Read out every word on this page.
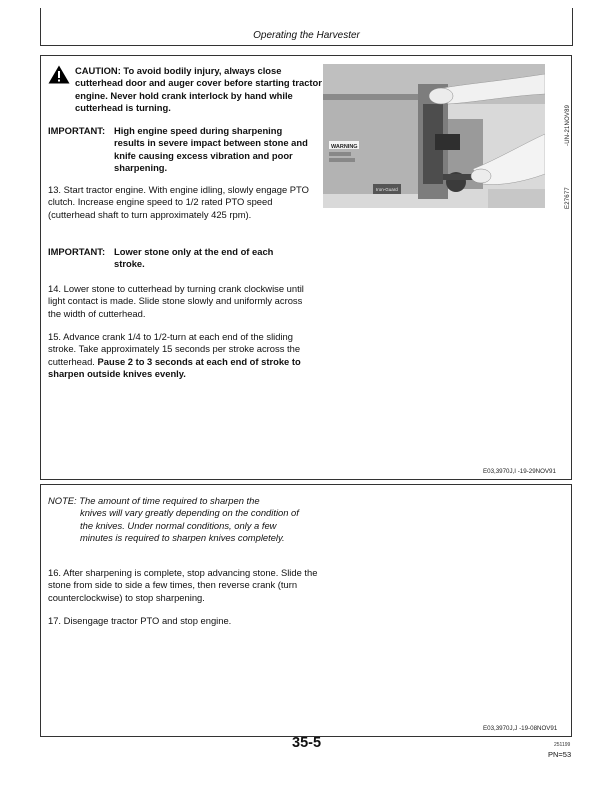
Operating the Harvester
CAUTION: To avoid bodily injury, always close cutterhead door and auger cover before starting tractor engine. Never hold crank interlock by hand while cutterhead is turning.
IMPORTANT: High engine speed during sharpening
results in severe impact between stone and knife causing excess vibration and poor sharpening.
13. Start tractor engine. With engine idling, slowly engage PTO clutch. Increase engine speed to 1/2 rated PTO speed (cutterhead shaft to turn approximately 425 rpm).
IMPORTANT: Lower stone only at the end of each
stroke.
14. Lower stone to cutterhead by turning crank clockwise until light contact is made. Slide stone slowly and uniformly across the width of cutterhead.
15. Advance crank 1/4 to 1/2-turn at each end of the sliding stroke. Take approximately 15 seconds per stroke across the cutterhead. Pause 2 to 3 seconds at each end of stroke to sharpen outside knives evenly.
WARNING
Iron-Guard
-UN-21NOV89
E27677
E03,3970J,I -19-29NOV91
NOTE: The amount of time required to sharpen the
knives will vary greatly depending on the condition of the knives. Under normal conditions, only a few minutes is required to sharpen knives completely.
16. After sharpening is complete, stop advancing stone. Slide the stone from side to side a few times, then reverse crank (turn counterclockwise) to stop sharpening.
17. Disengage tractor PTO and stop engine.
E03,3970J,J -19-08NOV91
35-5	251199
PN=53
